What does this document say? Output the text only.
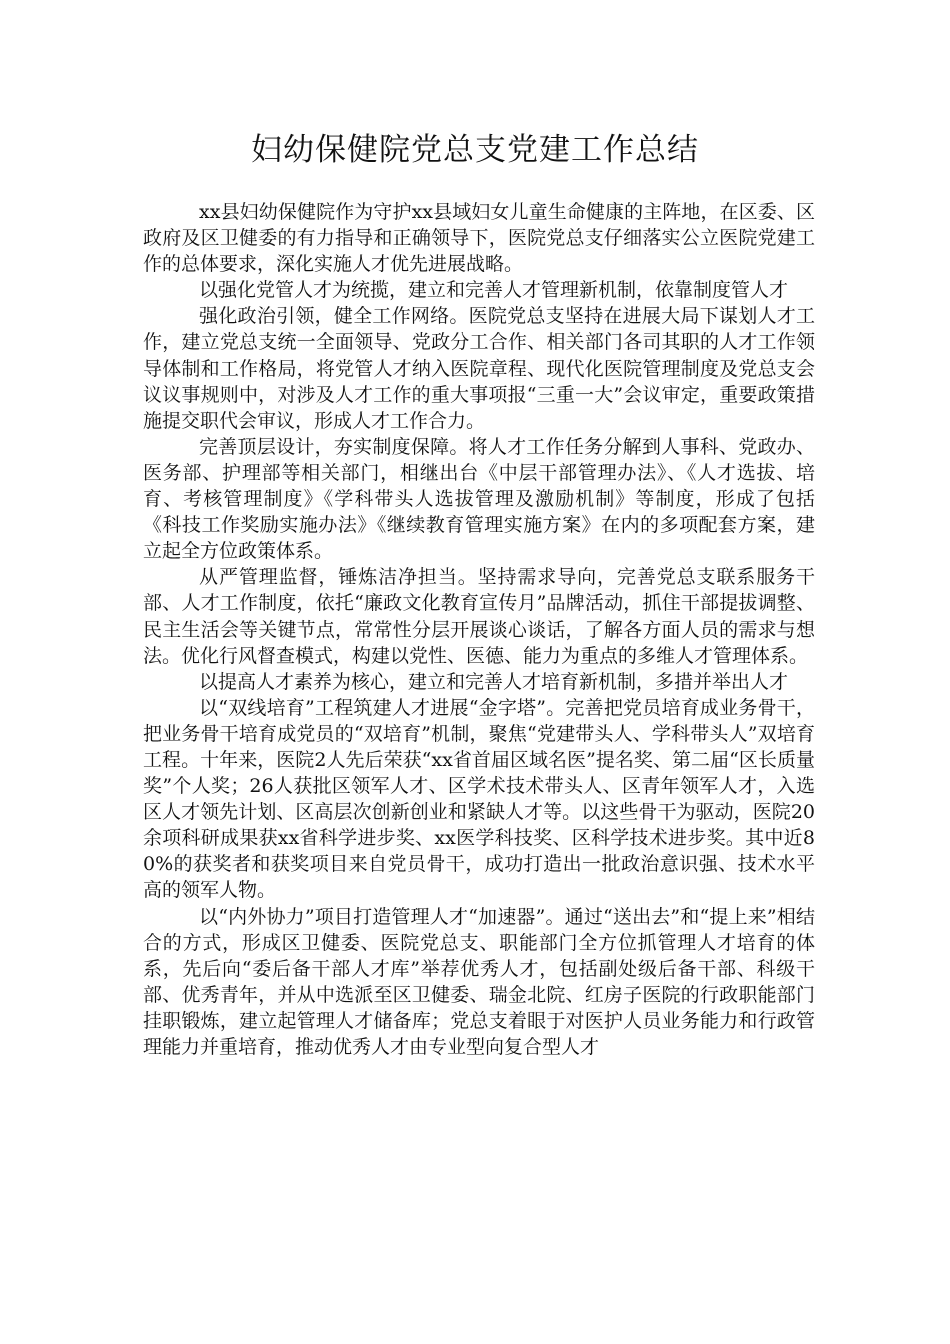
妇幼保健院党总支党建工作总结

xx县妇幼保健院作为守护xx县域妇女儿童生命健康的主阵地，在区委、区政府及区卫健委的有力指导和正确领导下，医院党总支仔细落实公立医院党建工作的总体要求，深化实施人才优先进展战略。

以强化党管人才为统揽，建立和完善人才管理新机制，依靠制度管人才

强化政治引领，健全工作网络。医院党总支坚持在进展大局下谋划人才工作，建立党总支统一全面领导、党政分工合作、相关部门各司其职的人才工作领导体制和工作格局，将党管人才纳入医院章程、现代化医院管理制度及党总支会议议事规则中，对涉及人才工作的重大事项报“三重一大”会议审定，重要政策措施提交职代会审议，形成人才工作合力。

完善顶层设计，夯实制度保障。将人才工作任务分解到人事科、党政办、医务部、护理部等相关部门，相继出台《中层干部管理办法》、《人才选拔、培育、考核管理制度》《学科带头人选拔管理及激励机制》等制度，形成了包括《科技工作奖励实施办法》《继续教育管理实施方案》在内的多项配套方案，建立起全方位政策体系。

从严管理监督，锤炼洁净担当。坚持需求导向，完善党总支联系服务干部、人才工作制度，依托“廉政文化教育宣传月”品牌活动，抓住干部提拔调整、民主生活会等关键节点，常常性分层开展谈心谈话，了解各方面人员的需求与想法。优化行风督查模式，构建以党性、医德、能力为重点的多维人才管理体系。

以提高人才素养为核心，建立和完善人才培育新机制，多措并举出人才

以“双线培育”工程筑建人才进展“金字塔”。完善把党员培育成业务骨干，把业务骨干培育成党员的“双培育”机制，聚焦“党建带头人、学科带头人”双培育工程。十年来，医院2人先后荣获“xx省首届区域名医”提名奖、第二届“区长质量奖”个人奖；26人获批区领军人才、区学术技术带头人、区青年领军人才，入选区人才领先计划、区高层次创新创业和紧缺人才等。以这些骨干为驱动，医院20余项科研成果获xx省科学进步奖、xx医学科技奖、区科学技术进步奖。其中近80%的获奖者和获奖项目来自党员骨干，成功打造出一批政治意识强、技术水平高的领军人物。

以“内外协力”项目打造管理人才“加速器”。通过“送出去”和“提上来”相结合的方式，形成区卫健委、医院党总支、职能部门全方位抓管理人才培育的体系，先后向“委后备干部人才库”举荐优秀人才，包括副处级后备干部、科级干部、优秀青年，并从中选派至区卫健委、瑞金北院、红房子医院的行政职能部门挂职锻炼，建立起管理人才储备库；党总支着眼于对医护人员业务能力和行政管理能力并重培育，推动优秀人才由专业型向复合型人才
